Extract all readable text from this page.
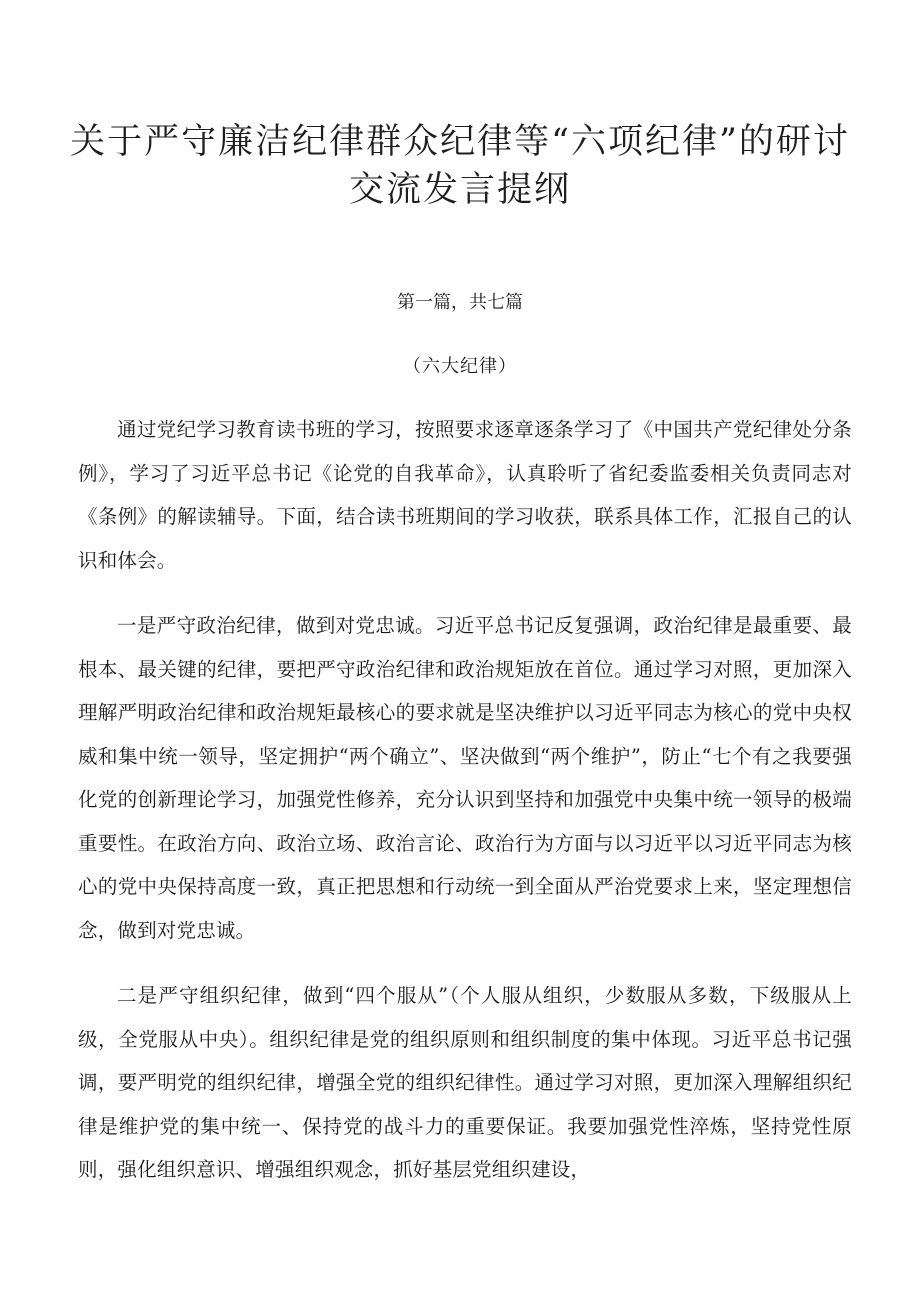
关于严守廉洁纪律群众纪律等“六项纪律”的研讨
交流发言提纲

第一篇，共七篇

（六大纪律）

通过党纪学习教育读书班的学习，按照要求逐章逐条学习了《中国共产党纪律处分条例》，学习了习近平总书记《论党的自我革命》，认真聆听了省纪委监委相关负责同志对《条例》的解读辅导。下面，结合读书班期间的学习收获，联系具体工作，汇报自己的认识和体会。

一是严守政治纪律，做到对党忠诚。习近平总书记反复强调，政治纪律是最重要、最根本、最关键的纪律，要把严守政治纪律和政治规矩放在首位。通过学习对照，更加深入理解严明政治纪律和政治规矩最核心的要求就是坚决维护以习近平同志为核心的党中央权威和集中统一领导，坚定拥护“两个确立”、坚决做到“两个维护”，防止“七个有之我要强化党的创新理论学习，加强党性修养，充分认识到坚持和加强党中央集中统一领导的极端重要性。在政治方向、政治立场、政治言论、政治行为方面与以习近平以习近平同志为核心的党中央保持高度一致，真正把思想和行动统一到全面从严治党要求上来，坚定理想信念，做到对党忠诚。

二是严守组织纪律，做到“四个服从”（个人服从组织，少数服从多数，下级服从上级，全党服从中央）。组织纪律是党的组织原则和组织制度的集中体现。习近平总书记强调，要严明党的组织纪律，增强全党的组织纪律性。通过学习对照，更加深入理解组织纪律是维护党的集中统一、保持党的战斗力的重要保证。我要加强党性淬炼，坚持党性原则，强化组织意识、增强组织观念，抓好基层党组织建设，
